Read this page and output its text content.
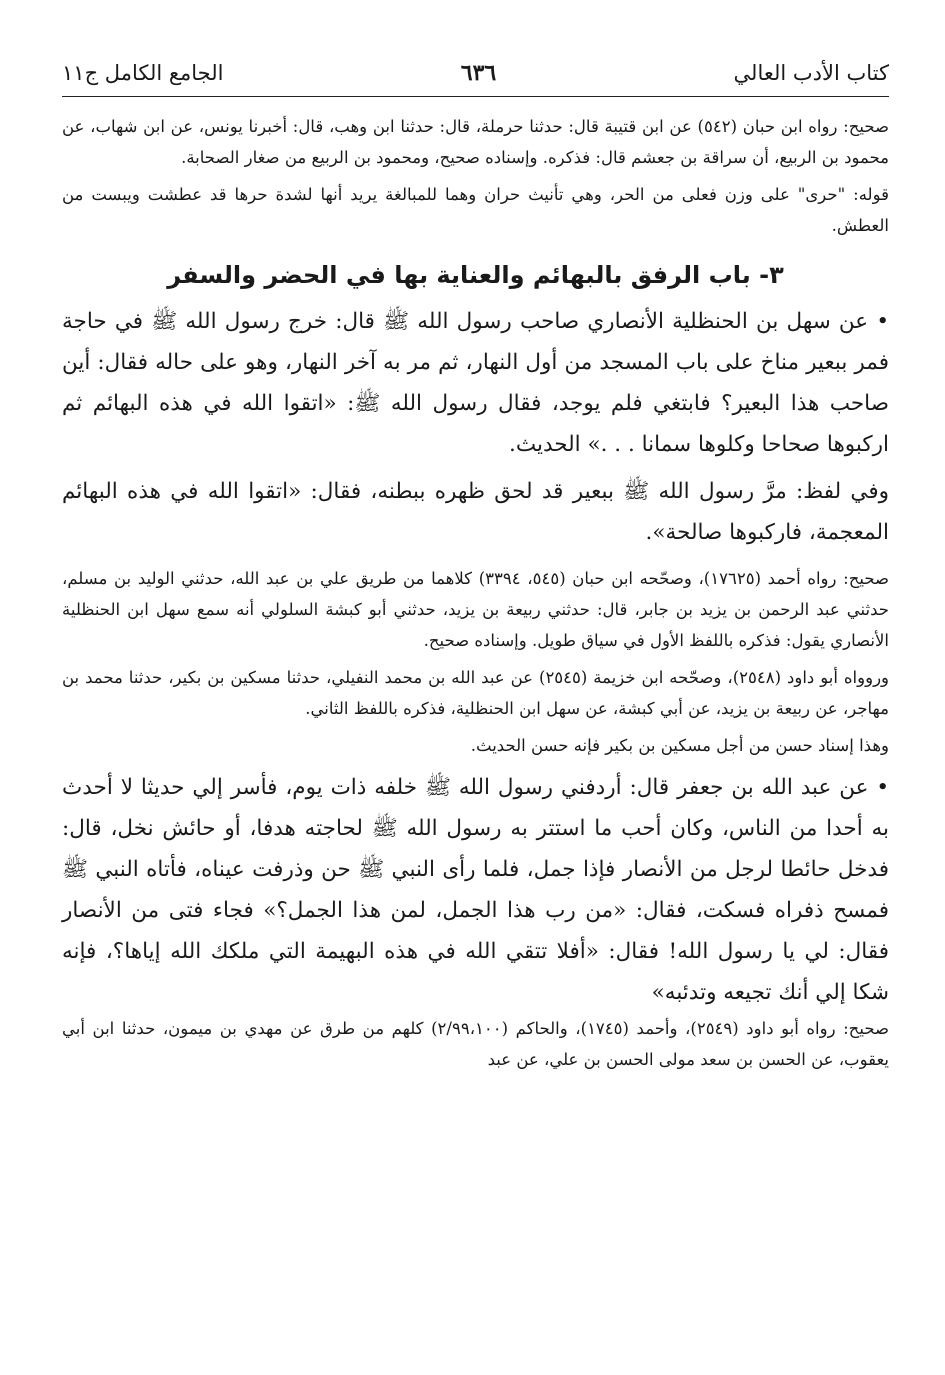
كتاب الأدب العالي
٦٣٦
الجامع الكامل ج١١

صحيح: رواه ابن حبان (٥٤٢) عن ابن قتيبة قال: حدثنا حرملة، قال: حدثنا ابن وهب، قال: أخبرنا يونس، عن ابن شهاب، عن محمود بن الربيع، أن سراقة بن جعشم قال: فذكره. وإسناده صحيح، ومحمود بن الربيع من صغار الصحابة.

قوله: "حرى" على وزن فعلى من الحر، وهي تأنيث حران وهما للمبالغة يريد أنها لشدة حرها قد عطشت ويبست من العطش.

٣- باب الرفق بالبهائم والعناية بها في الحضر والسفر

• عن سهل بن الحنظلية الأنصاري صاحب رسول الله ﷺ قال: خرج رسول الله ﷺ في حاجة فمر ببعير مناخ على باب المسجد من أول النهار، ثم مر به آخر النهار، وهو على حاله فقال: أين صاحب هذا البعير؟ فابتغي فلم يوجد، فقال رسول الله ﷺ: «اتقوا الله في هذه البهائم ثم اركبوها صحاحا وكلوها سمانا . . .» الحديث.

وفي لفظ: مرَّ رسول الله ﷺ ببعير قد لحق ظهره ببطنه، فقال: «اتقوا الله في هذه البهائم المعجمة، فاركبوها صالحة».

صحيح: رواه أحمد (١٧٦٢٥)، وصحّحه ابن حبان (٥٤٥، ٣٣٩٤) كلاهما من طريق علي بن عبد الله، حدثني الوليد بن مسلم، حدثني عبد الرحمن بن يزيد بن جابر، قال: حدثني ربيعة بن يزيد، حدثني أبو كبشة السلولي أنه سمع سهل ابن الحنظلية الأنصاري يقول: فذكره باللفظ الأول في سياق طويل. وإسناده صحيح.

وروواه أبو داود (٢٥٤٨)، وصحّحه ابن خزيمة (٢٥٤٥) عن عبد الله بن محمد النفيلي، حدثنا مسكين بن بكير، حدثنا محمد بن مهاجر، عن ربيعة بن يزيد، عن أبي كبشة، عن سهل ابن الحنظلية، فذكره باللفظ الثاني.

وهذا إسناد حسن من أجل مسكين بن بكير فإنه حسن الحديث.

• عن عبد الله بن جعفر قال: أردفني رسول الله ﷺ خلفه ذات يوم، فأسر إلي حديثا لا أحدث به أحدا من الناس، وكان أحب ما استتر به رسول الله ﷺ لحاجته هدفا، أو حائش نخل، قال: فدخل حائطا لرجل من الأنصار فإذا جمل، فلما رأى النبي ﷺ حن وذرفت عيناه، فأتاه النبي ﷺ فمسح ذفراه فسكت، فقال: «من رب هذا الجمل، لمن هذا الجمل؟» فجاء فتى من الأنصار فقال: لي يا رسول الله! فقال: «أفلا تتقي الله في هذه البهيمة التي ملكك الله إياها؟، فإنه شكا إلي أنك تجيعه وتدئبه»

صحيح: رواه أبو داود (٢٥٤٩)، وأحمد (١٧٤٥)، والحاكم (٢/٩٩،١٠٠) كلهم من طرق عن مهدي بن ميمون، حدثنا ابن أبي يعقوب، عن الحسن بن سعد مولى الحسن بن علي، عن عبد
